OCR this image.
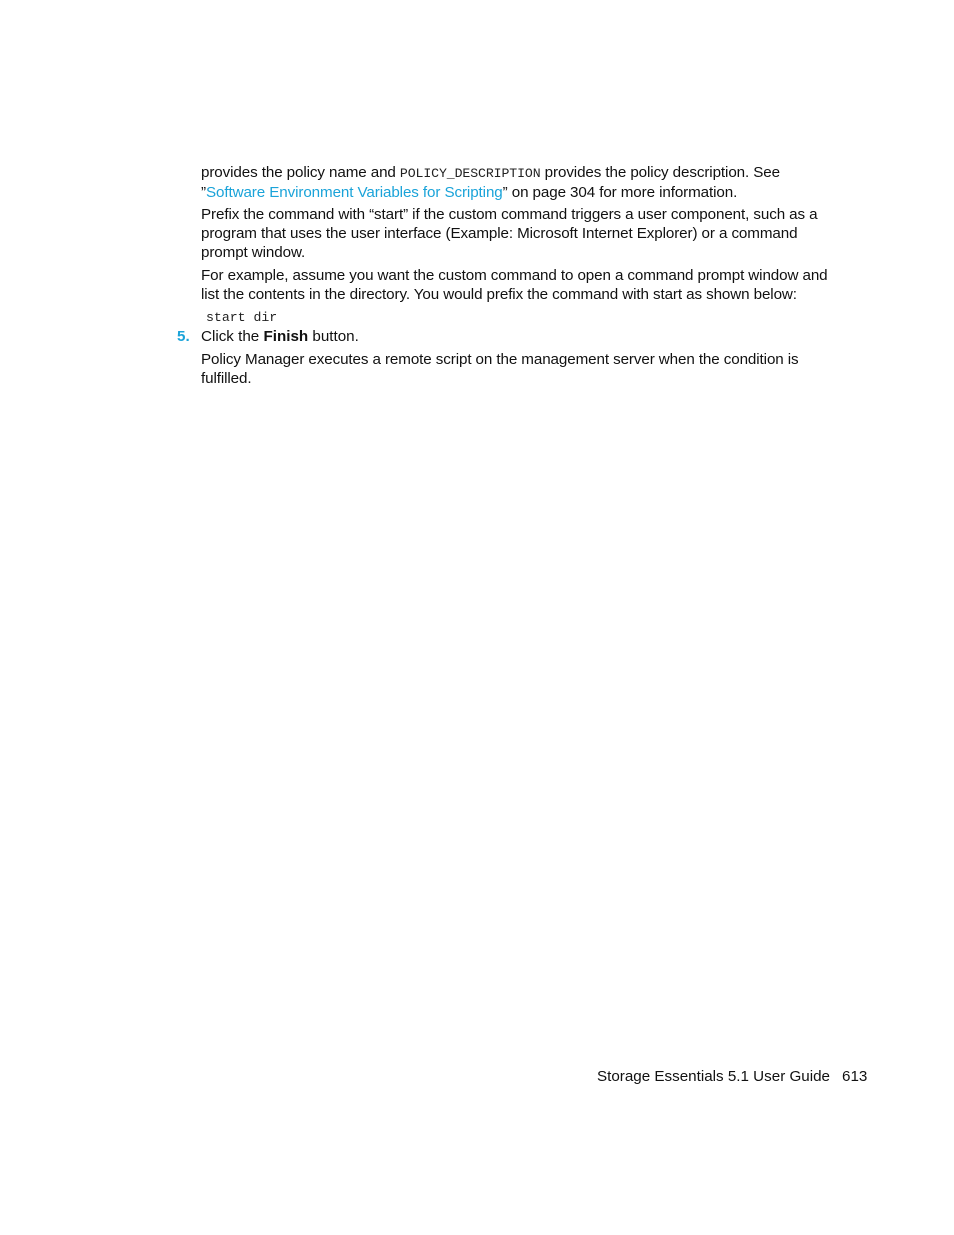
provides the policy name and POLICY_DESCRIPTION provides the policy description. See ”Software Environment Variables for Scripting” on page 304 for more information.

Prefix the command with “start” if the custom command triggers a user component, such as a program that uses the user interface (Example: Microsoft Internet Explorer) or a command prompt window.

For example, assume you want the custom command to open a command prompt window and list the contents in the directory. You would prefix the command with start as shown below:

start dir
5. Click the Finish button.

Policy Manager executes a remote script on the management server when the condition is fulfilled.

Storage Essentials 5.1 User Guide 613
